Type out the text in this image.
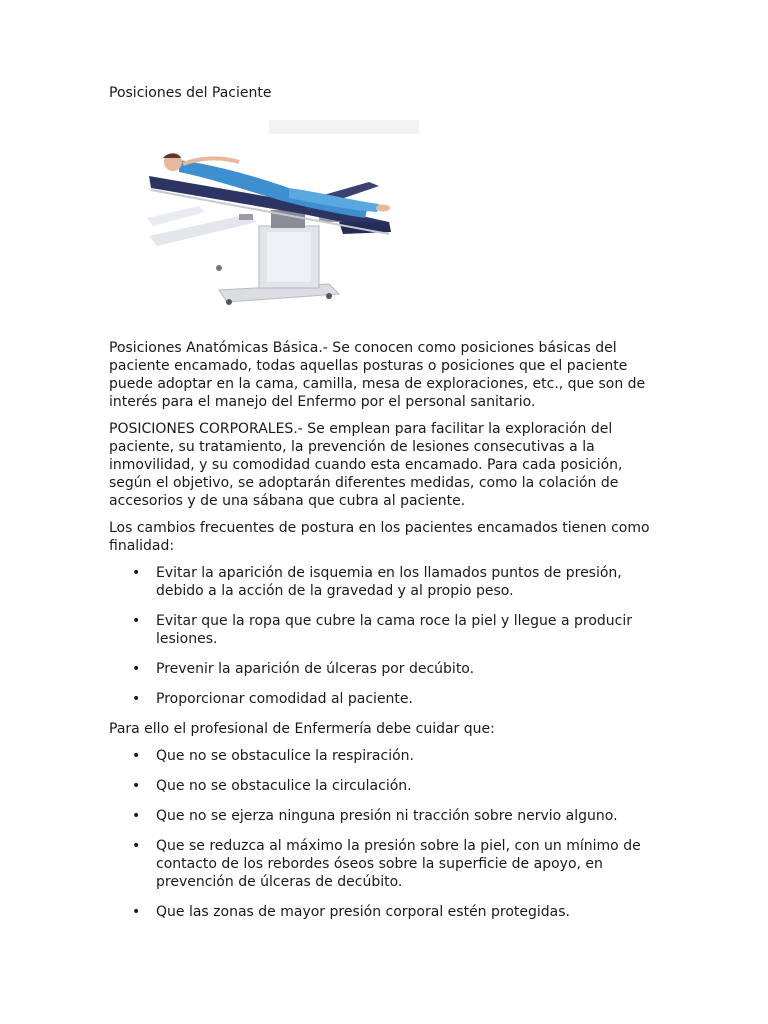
Posiciones del Paciente

Posiciones Anatómicas Básica.- Se conocen como posiciones básicas del paciente encamado, todas aquellas posturas o posiciones que el paciente puede adoptar en la cama, camilla, mesa de exploraciones, etc., que son de interés para el manejo del Enfermo por el personal sanitario.

POSICIONES CORPORALES.- Se emplean para facilitar la exploración del paciente, su tratamiento, la prevención de lesiones consecutivas a la inmovilidad, y su comodidad cuando esta encamado. Para cada posición, según el objetivo, se adoptarán diferentes medidas, como la colación de accesorios y de una sábana que cubra al paciente.

Los cambios frecuentes de postura en los pacientes encamados tienen como finalidad:

• Evitar la aparición de isquemia en los llamados puntos de presión, debido a la acción de la gravedad y al propio peso.
• Evitar que la ropa que cubre la cama roce la piel y llegue a producir lesiones.
• Prevenir la aparición de úlceras por decúbito.
• Proporcionar comodidad al paciente.

Para ello el profesional de Enfermería debe cuidar que:

• Que no se obstaculice la respiración.
• Que no se obstaculice la circulación.
• Que no se ejerza ninguna presión ni tracción sobre nervio alguno.
• Que se reduzca al máximo la presión sobre la piel, con un mínimo de contacto de los rebordes óseos sobre la superficie de apoyo, en prevención de úlceras de decúbito.
• Que las zonas de mayor presión corporal estén protegidas.
